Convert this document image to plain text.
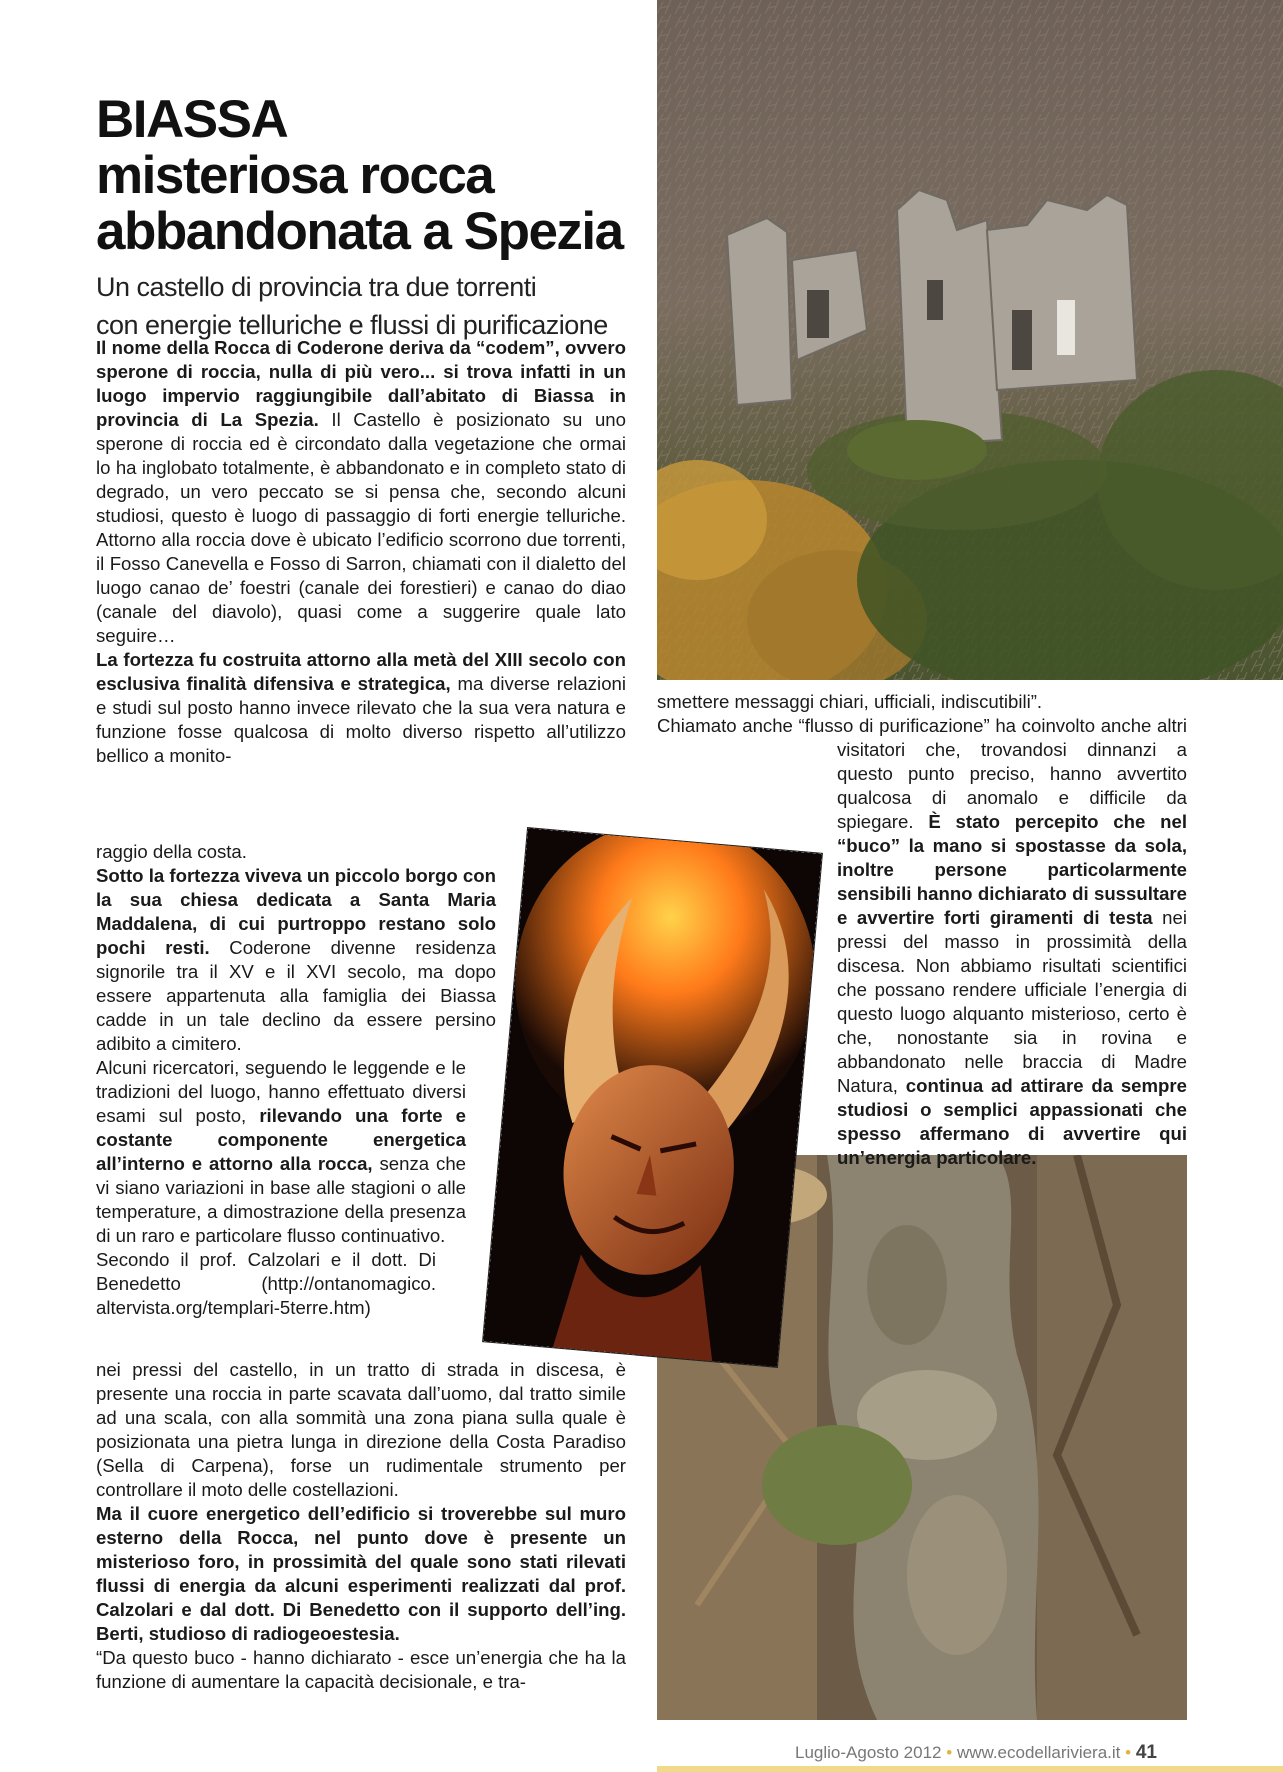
BIASSA
misteriosa rocca
abbandonata a Spezia
Un castello di provincia tra due torrenti
con energie telluriche e flussi di purificazione

Il nome della Rocca di Coderone deriva da “codem”, ovvero sperone di roccia, nulla di più vero... si trova infatti in un luogo impervio raggiungibile dall’abitato di Biassa in provincia di La Spezia. Il Castello è posizionato su uno sperone di roccia ed è circondato dalla vegetazione che ormai lo ha inglobato totalmente, è abbandonato e in completo stato di degrado, un vero peccato se si pensa che, secondo alcuni studiosi, questo è luogo di passaggio di forti energie telluriche. Attorno alla roccia dove è ubicato l’edificio scorrono due torrenti, il Fosso Canevella e Fosso di Sarron, chiamati con il dialetto del luogo canao de’ foestri (canale dei forestieri) e canao do diao (canale del diavolo), quasi come a suggerire quale lato seguire…

La fortezza fu costruita attorno alla metà del XIII secolo con esclusiva finalità difensiva e strategica, ma diverse relazioni e studi sul posto hanno invece rilevato che la sua vera natura e funzione fosse qualcosa di molto diverso rispetto all’utilizzo bellico a monito-

raggio della costa.

Sotto la fortezza viveva un piccolo borgo con la sua chiesa dedicata a Santa Maria Maddalena, di cui purtroppo restano solo pochi resti. Coderone divenne residenza signorile tra il XV e il XVI secolo, ma dopo essere appartenuta alla famiglia dei Biassa cadde in un tale declino da essere persino adibito a cimitero.

Alcuni ricercatori, seguendo le leggende e le tradizioni del luogo, hanno effettuato diversi esami sul posto, rilevando una forte e costante componente energetica all’interno e attorno alla rocca, senza che vi siano variazioni in base alle stagioni o alle temperature, a dimostrazione della presenza di un raro e particolare flusso continuativo.

Secondo il prof. Calzolari e il dott. Di Benedetto (http://ontanomagico. altervista.org/templari-5terre.htm)

nei pressi del castello, in un tratto di strada in discesa, è presente una roccia in parte scavata dall’uomo, dal tratto simile ad una scala, con alla sommità una zona piana sulla quale è posizionata una pietra lunga in direzione della Costa Paradiso (Sella di Carpena), forse un rudimentale strumento per controllare il moto delle costellazioni.

Ma il cuore energetico dell’edificio si troverebbe sul muro esterno della Rocca, nel punto dove è presente un misterioso foro, in prossimità del quale sono stati rilevati flussi di energia da alcuni esperimenti realizzati dal prof. Calzolari e dal dott. Di Benedetto con il supporto dell’ing. Berti, studioso di radiogeoestesia.

“Da questo buco - hanno dichiarato - esce un’energia che ha la funzione di aumentare la capacità decisionale, e tra-

smettere messaggi chiari, ufficiali, indiscutibili”.

Chiamato anche “flusso di purificazione” ha coinvolto anche altri visitatori che, trovandosi dinnanzi a questo punto preciso, hanno avvertito qualcosa di anomalo e difficile da spiegare. È stato percepito che nel “buco” la mano si spostasse da sola, inoltre persone particolarmente sensibili hanno dichiarato di sussultare e avvertire forti giramenti di testa nei pressi del masso in prossimità della discesa. Non abbiamo risultati scientifici che possano rendere ufficiale l’energia di questo luogo alquanto misterioso, certo è che, nonostante sia in rovina e abbandonato nelle braccia di Madre Natura, continua ad attirare da sempre studiosi o semplici appassionati che spesso affermano di avvertire qui un’energia particolare.

Luglio-Agosto 2012 • www.ecodellariviera.it • 41
